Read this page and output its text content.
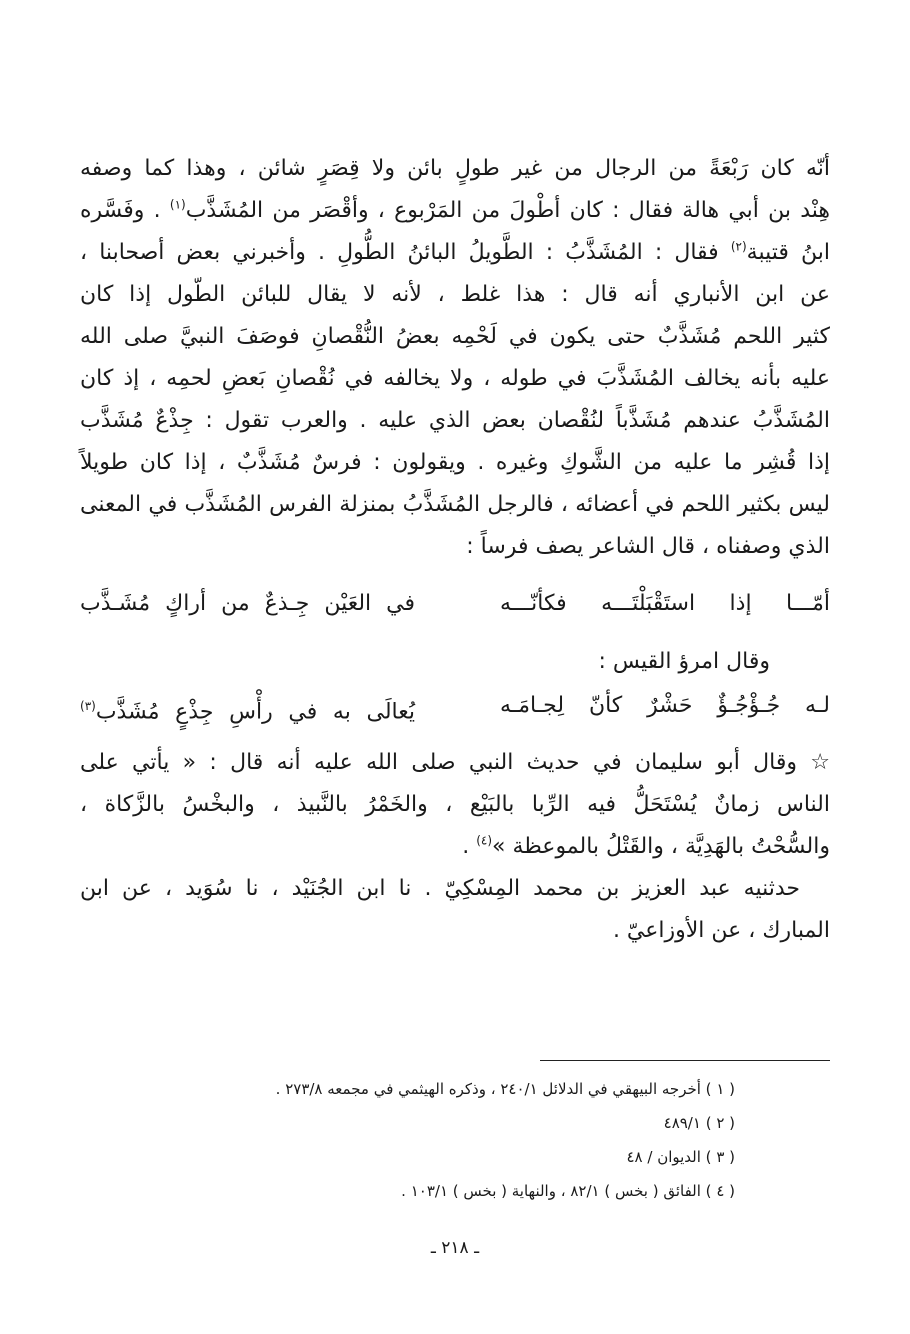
أنّه كان رَبْعَةً من الرجال من غير طولٍ بائن ولا قِصَرٍ شائن ، وهذا كما وصفه
هِنْد بن أبي هالة فقال : كان أطْولَ من المَرْبوع ، وأقْصَر من المُشَذَّب$^{(١)}$ . وفَسَّره
ابنُ قتيبة$^{(٢)}$ فقال : المُشَذَّبُ : الطَّويلُ البائنُ الطُّولِ . وأخبرني بعض أصحابنا ،
عن ابن الأنباري أنه قال : هذا غلط ، لأنه لا يقال للبائن الطّول إذا كان
كثير اللحم مُشَذَّبٌ حتى يكون في لَحْمِه بعضُ النُّقْصانِ فوصَفَ النبيَّ صلى الله
عليه بأنه يخالف المُشَذَّبَ في طوله ، ولا يخالفه في نُقْصانِ بَعضِ لحمِه ، إذ كان
المُشَذَّبُ عندهم مُشَذَّباً لنُقْصان بعض الذي عليه . والعرب تقول : جِذْعٌ مُشَذَّب
إذا قُشِر ما عليه من الشَّوكِ وغيره . ويقولون : فرسٌ مُشَذَّبٌ ، إذا كان طويلاً
ليس بكثير اللحم في أعضائه ، فالرجل المُشَذَّبُ بمنزلة الفرس المُشَذَّب في المعنى
الذي وصفناه ، قال الشاعر يصف فرساً :
أمّـــا إذا استَقْبَلْتَـــه فكأنّـــه
في العَيْن جِـذعٌ من أراكٍ مُشَـذَّب
وقال امرؤ القيس :
لـه جُـؤْجُـؤٌ حَشْرٌ كأنّ لِجـامَـه
يُعالَى به في رأْسِ جِذْعٍ مُشَذَّب$^{(٣)}$
☆ وقال أبو سليمان في حديث النبي صلى الله عليه أنه قال : « يأتي على
الناس زمانٌ يُسْتَحَلُّ فيه الرِّبا بالبَيْع ، والخَمْرُ بالنَّبيذ ، والبخْسُ بالزَّكاة ،
والسُّحْتُ بالهَدِيَّة ، والقَتْلُ بالموعظة »$^{(٤)}$ .
حدثنيه عبد العزيز بن محمد المِسْكِيّ . نا ابن الجُنَيْد ، نا سُوَيد ، عن ابن
المبارك ، عن الأوزاعيّ .
( ١ ) أخرجه البيهقي في الدلائل ٢٤٠/١ ، وذكره الهيثمي في مجمعه ٢٧٣/٨ .
( ٢ ) ٤٨٩/١
( ٣ ) الديوان / ٤٨
( ٤ ) الفائق ( بخس ) ٨٢/١ ، والنهاية ( بخس ) ١٠٣/١ .
ـ ٢١٨ ـ
